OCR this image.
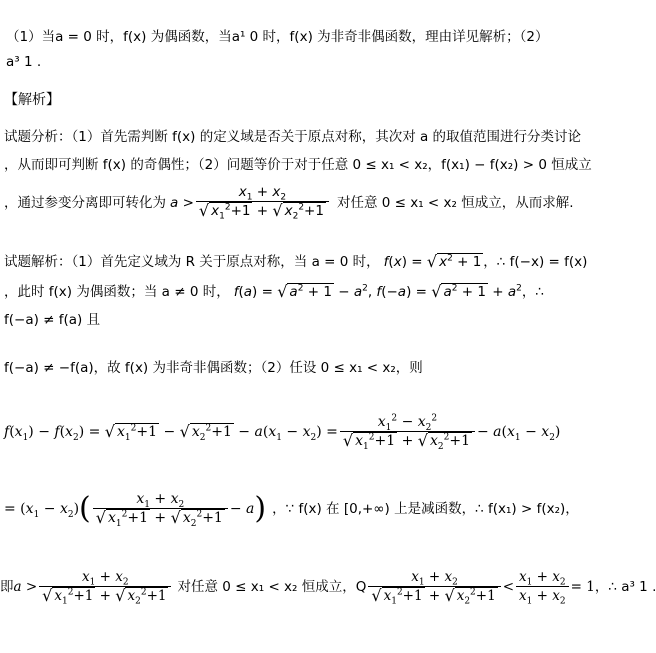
（1）当a = 0 时，f(x) 为偶函数，当a¹ 0 时，f(x) 为非奇非偶函数，理由详见解析；（2）
a³ 1 .
【解析】
试题分析：（1）首先需判断 f(x) 的定义域是否关于原点对称，其次对 a 的取值范围进行分类讨论
，从而即可判断 f(x) 的奇偶性；（2）问题等价于对于任意 0 ≤ x₁ < x₂，f(x₁) − f(x₂) > 0 恒成立
，通过参变分离即可转化为 $a > \frac{x_1 + x_2}{√ x_1^2+1 + √ x_2^2+1}$ 对任意 0 ≤ x₁ < x₂ 恒成立，从而求解.
试题解析：（1）首先定义域为 R 关于原点对称，当 a = 0 时， f(x) = √ $x^2 + 1$ ，∴ f(−x) = f(x)
，此时 f(x) 为偶函数；当 a ≠ 0 时， f(a) = √ $a^2 + 1 - a^2$, f(−a) = √ $a^2 + 1 + a^2$ ，∴
f(−a) ≠ f(a) 且
f(−a) ≠ −f(a)，故 f(x) 为非奇非偶函数；（2）任设 0 ≤ x₁ < x₂，则
$f(x_1) - f(x_2)$ = √ $x_1^2+1$ − √ $x_2^2+1 - a(x_1 - x_2) = \frac{x_1^2 - x_2^2}{√ x_1^2+1 + √ x_2^2+1} - a(x_1 - x_2)$
= $(x_1 - x_2)$ ( $\frac{x_1 + x_2}{√ x_1^2+1 + √ x_2^2+1} - a$ ) ，∵ f(x) 在 [0,+∞) 上是减函数，∴ f(x₁) > f(x₂)，
即 $a > \frac{x_1 + x_2}{√ x_1^2+1 + √ x_2^2+1}$ 对任意 0 ≤ x₁ < x₂ 恒成立，Q $\frac{x_1 + x_2}{√ x_1^2+1 + √ x_2^2+1} < \frac{x_1 + x_2}{x_1 + x_2} = 1$ ，∴ a³ 1 .
